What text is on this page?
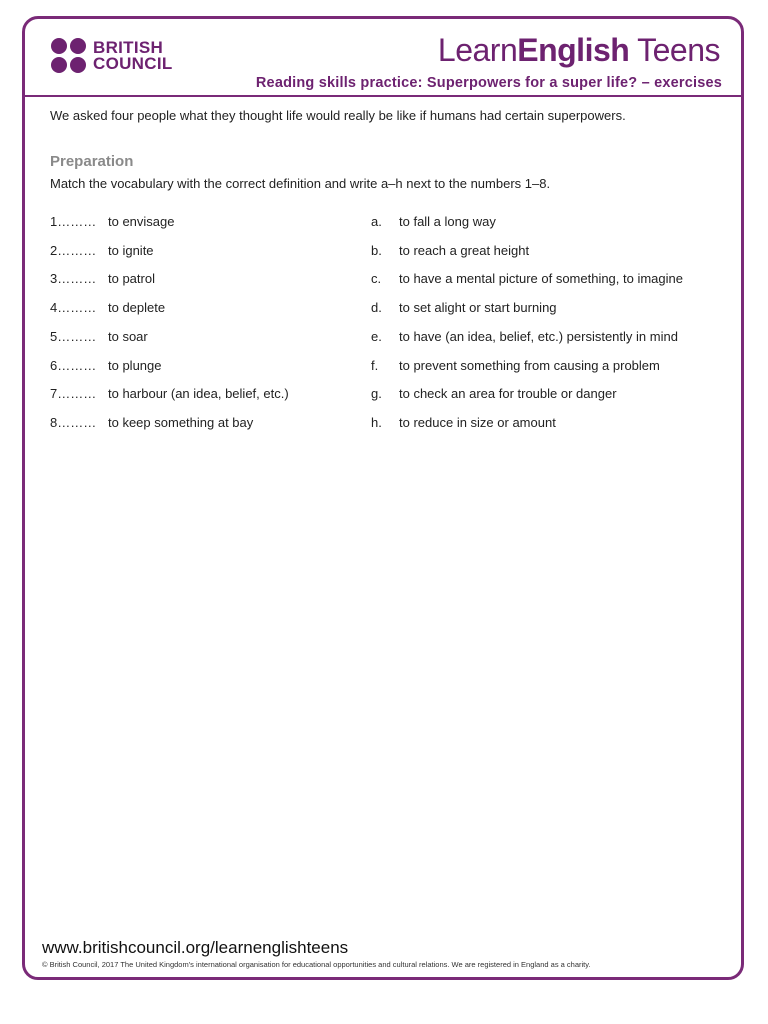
BRITISH
COUNCIL	LearnEnglish Teens
Reading skills practice: Superpowers for a super life? – exercises
We asked four people what they thought life would really be like if humans had certain superpowers.
Preparation
Match the vocabulary with the correct definition and write a–h next to the numbers 1–8.
1……… to envisage	a. to fall a long way
2……… to ignite	b. to reach a great height
3……… to patrol	c. to have a mental picture of something, to imagine
4……… to deplete	d. to set alight or start burning
5……… to soar	e. to have (an idea, belief, etc.) persistently in mind
6……… to plunge	f. to prevent something from causing a problem
7……… to harbour (an idea, belief, etc.)	g. to check an area for trouble or danger
8……… to keep something at bay	h. to reduce in size or amount
www.britishcouncil.org/learnenglishteens
© British Council, 2017 The United Kingdom's international organisation for educational opportunities and cultural relations. We are registered in England as a charity.
